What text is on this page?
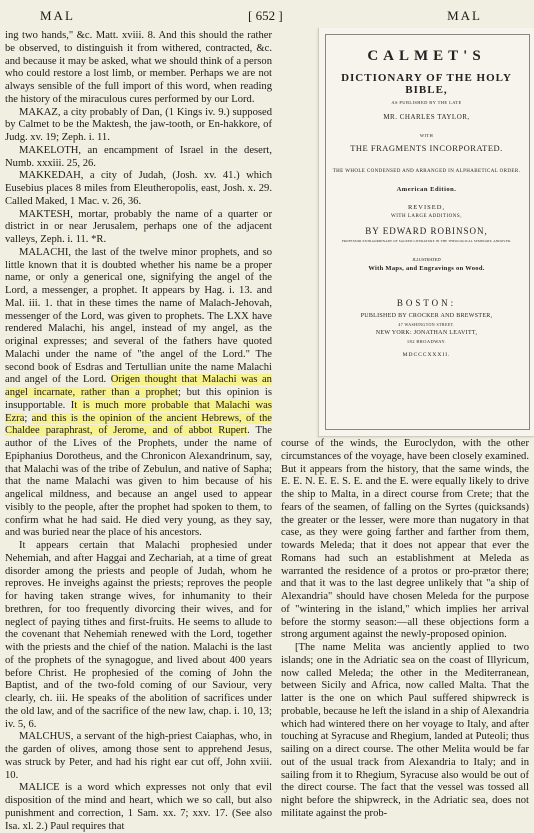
MAL	[ 652 ]	MAL

ing two hands," &c. Matt. xviii. 8. And this should the rather be observed, to distinguish it from withered, contracted, &c. and because it may be asked, what we should think of a person who could restore a lost limb, or member. Perhaps we are not always sensible of the full import of this word, when reading the history of the miraculous cures performed by our Lord.

MAKAZ, a city probably of Dan, (1 Kings iv. 9.) supposed by Calmet to be the Maktesh, the jaw-tooth, or En-hakkore, of Judg. xv. 19; Zeph. i. 11.

MAKELOTH, an encampment of Israel in the desert, Numb. xxxiii. 25, 26.

MAKKEDAH, a city of Judah, (Josh. xv. 41.) which Eusebius places 8 miles from Eleutheropolis, east, Josh. x. 29. Called Maked, 1 Mac. v. 26, 36.

MAKTESH, mortar, probably the name of a quarter or district in or near Jerusalem, perhaps one of the adjacent valleys, Zeph. i. 11. *R.

MALACHI, the last of the twelve minor prophets, and so little known that it is doubted whether his name be a proper name, or only a generical one, signifying the angel of the Lord, a messenger, a prophet. It appears by Hag. i. 13. and Mal. iii. 1. that in these times the name of Malach-Jehovah, messenger of the Lord, was given to prophets. The LXX have rendered Malachi, his angel, instead of my angel, as the original expresses; and several of the fathers have quoted Malachi under the name of "the angel of the Lord." The second book of Esdras and Tertullian unite the name Malachi and angel of the Lord. Origen thought that Malachi was an angel incarnate, rather than a prophet; but this opinion is insupportable. It is much more probable that Malachi was Ezra; and this is the opinion of the ancient Hebrews, of the Chaldee paraphrast, of Jerome, and of abbot Rupert. The author of the Lives of the Prophets, under the name of Epiphanius Dorotheus, and the Chronicon Alexandrinum, say, that Malachi was of the tribe of Zebulun, and native of Sapha; that the name Malachi was given to him because of his angelical mildness, and because an angel used to appear visibly to the people, after the prophet had spoken to them, to confirm what he had said. He died very young, as they say, and was buried near the place of his ancestors.

It appears certain that Malachi prophesied under Nehemiah, and after Haggai and Zechariah, at a time of great disorder among the priests and people of Judah, whom he reproves. He inveighs against the priests; reproves the people for having taken strange wives, for inhumanity to their brethren, for too frequently divorcing their wives, and for neglect of paying tithes and first-fruits. He seems to allude to the covenant that Nehemiah renewed with the Lord, together with the priests and the chief of the nation. Malachi is the last of the prophets of the synagogue, and lived about 400 years before Christ. He prophesied of the coming of John the Baptist, and of the two-fold coming of our Saviour, very clearly, ch. iii. He speaks of the abolition of sacrifices under the old law, and of the sacrifice of the new law, chap. i. 10, 13; iv. 5, 6.

MALCHUS, a servant of the high-priest Caiaphas, who, in the garden of olives, among those sent to apprehend Jesus, was struck by Peter, and had his right ear cut off, John xviii. 10.

MALICE is a word which expresses not only that evil disposition of the mind and heart, which we so call, but also punishment and correction, 1 Sam. xx. 7; xxv. 17. (See also Isa. xl. 2.) Paul requires that

course of the winds, the Euroclydon, with the other circumstances of the voyage, have been closely examined. But it appears from the history, that the same winds, the E. E. N. E. E. S. E. and the E. were equally likely to drive the ship to Malta, in a direct course from Crete; that the fears of the seamen, of falling on the Syrtes (quicksands) the greater or the lesser, were more than nugatory in that case, as they were going farther and farther from them, towards Meleda; that it does not appear that ever the Romans had such an establishment at Meleda as warranted the residence of a protos or pro-prætor there; and that it was to the last degree unlikely that "a ship of Alexandria" should have chosen Meleda for the purpose of "wintering in the island," which implies her arrival before the stormy season:—all these objections form a strong argument against the newly-proposed opinion.

[The name Melita was anciently applied to two islands; one in the Adriatic sea on the coast of Illyricum, now called Meleda; the other in the Mediterranean, between Sicily and Africa, now called Malta. That the latter is the one on which Paul suffered shipwreck is probable, because he left the island in a ship of Alexandria which had wintered there on her voyage to Italy, and after touching at Syracuse and Rhegium, landed at Puteoli; thus sailing on a direct course. The other Melita would be far out of the usual track from Alexandria to Italy; and in sailing from it to Rhegium, Syracuse also would be out of the direct course. The fact that the vessel was tossed all night before the shipwreck, in the Adriatic sea, does not militate against the prob-

CALMET'S
DICTIONARY OF THE HOLY BIBLE,
AS PUBLISHED BY THE LATE
MR. CHARLES TAYLOR,
WITH
THE FRAGMENTS INCORPORATED.
THE WHOLE CONDENSED AND ARRANGED IN ALPHABETICAL ORDER.
American Edition.
REVISED,
WITH LARGE ADDITIONS,
BY EDWARD ROBINSON,
PROFESSOR EXTRAORDINARY OF SACRED LITERATURE IN THE THEOLOGICAL SEMINARY, ANDOVER.
ILLUSTRATED
With Maps, and Engravings on Wood.
BOSTON:
PUBLISHED BY CROCKER AND BREWSTER,
47 WASHINGTON STREET.
NEW YORK: JONATHAN LEAVITT,
182 BROADWAY.
MDCCCXXXII.
